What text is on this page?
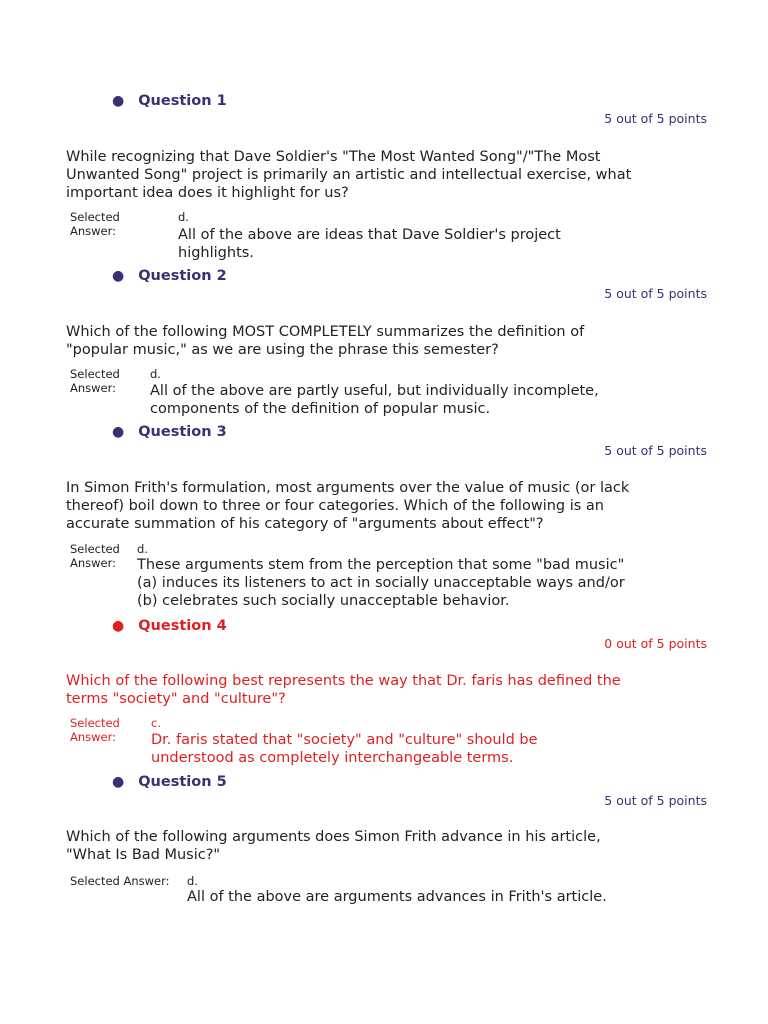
● Question 1
5 out of 5 points
While recognizing that Dave Soldier's "The Most Wanted Song"/"The Most Unwanted Song" project is primarily an artistic and intellectual exercise, what important idea does it highlight for us?
Selected Answer:
d.
All of the above are ideas that Dave Soldier's project highlights.
● Question 2
5 out of 5 points
Which of the following MOST COMPLETELY summarizes the definition of "popular music," as we are using the phrase this semester?
Selected Answer:
d.
All of the above are partly useful, but individually incomplete, components of the definition of popular music.
● Question 3
5 out of 5 points
In Simon Frith's formulation, most arguments over the value of music (or lack thereof) boil down to three or four categories. Which of the following is an accurate summation of his category of "arguments about effect"?
Selected Answer:
d.
These arguments stem from the perception that some "bad music" (a) induces its listeners to act in socially unacceptable ways and/or (b) celebrates such socially unacceptable behavior.
● Question 4
0 out of 5 points
Which of the following best represents the way that Dr. faris has defined the terms "society" and "culture"?
Selected Answer:
c.
Dr. faris stated that "society" and "culture" should be understood as completely interchangeable terms.
● Question 5
5 out of 5 points
Which of the following arguments does Simon Frith advance in his article, "What Is Bad Music?"
Selected Answer:	d.
All of the above are arguments advances in Frith's article.
